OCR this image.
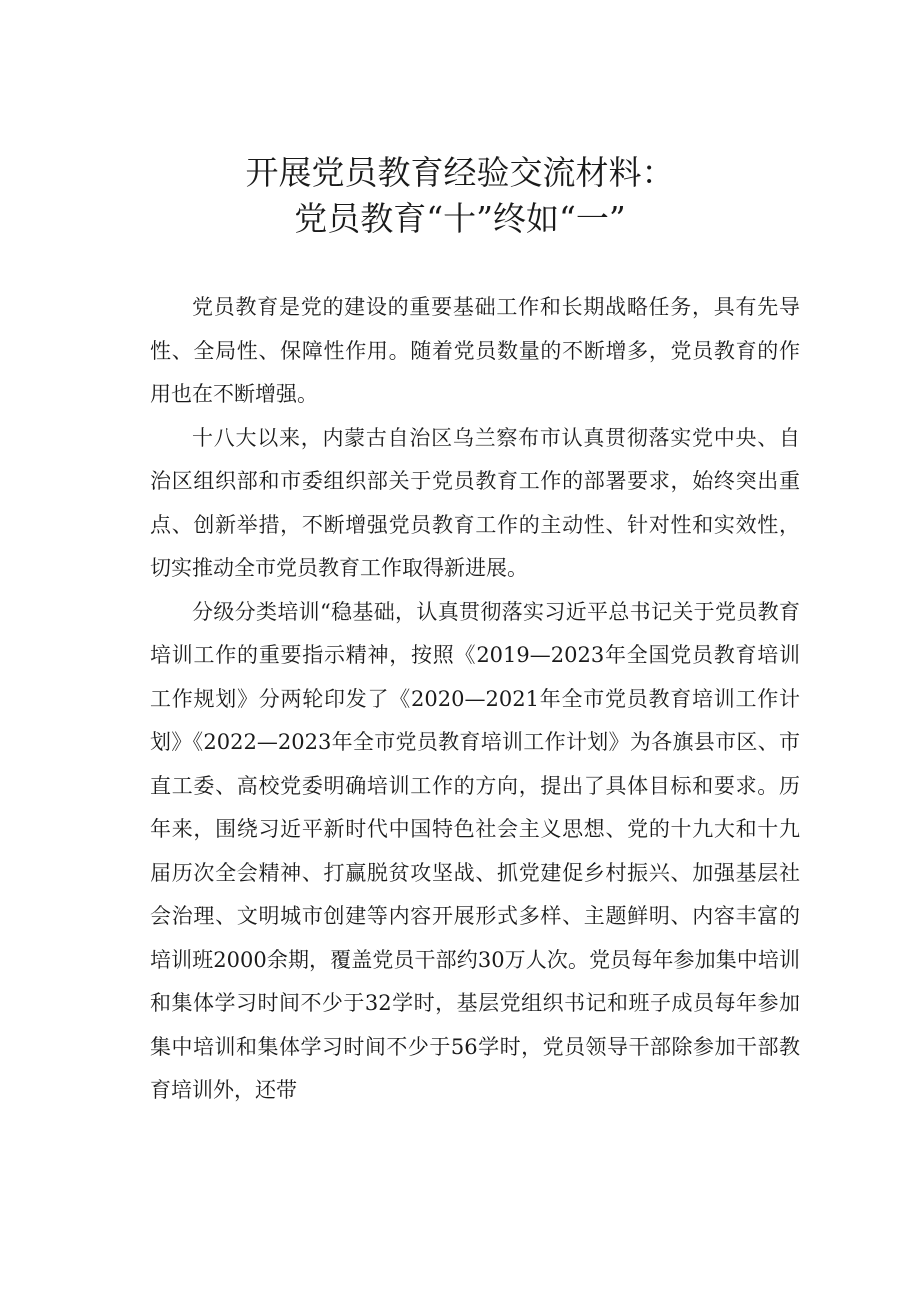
开展党员教育经验交流材料：
党员教育“十”终如“一”

党员教育是党的建设的重要基础工作和长期战略任务，具有先导性、全局性、保障性作用。随着党员数量的不断增多，党员教育的作用也在不断增强。

十八大以来，内蒙古自治区乌兰察布市认真贯彻落实党中央、自治区组织部和市委组织部关于党员教育工作的部署要求，始终突出重点、创新举措，不断增强党员教育工作的主动性、针对性和实效性，切实推动全市党员教育工作取得新进展。

分级分类培训“稳基础，认真贯彻落实习近平总书记关于党员教育培训工作的重要指示精神，按照《2019—2023年全国党员教育培训工作规划》分两轮印发了《2020—2021年全市党员教育培训工作计划》《2022—2023年全市党员教育培训工作计划》为各旗县市区、市直工委、高校党委明确培训工作的方向，提出了具体目标和要求。历年来，围绕习近平新时代中国特色社会主义思想、党的十九大和十九届历次全会精神、打赢脱贫攻坚战、抓党建促乡村振兴、加强基层社会治理、文明城市创建等内容开展形式多样、主题鲜明、内容丰富的培训班2000余期，覆盖党员干部约30万人次。党员每年参加集中培训和集体学习时间不少于32学时，基层党组织书记和班子成员每年参加集中培训和集体学习时间不少于56学时，党员领导干部除参加干部教育培训外，还带
